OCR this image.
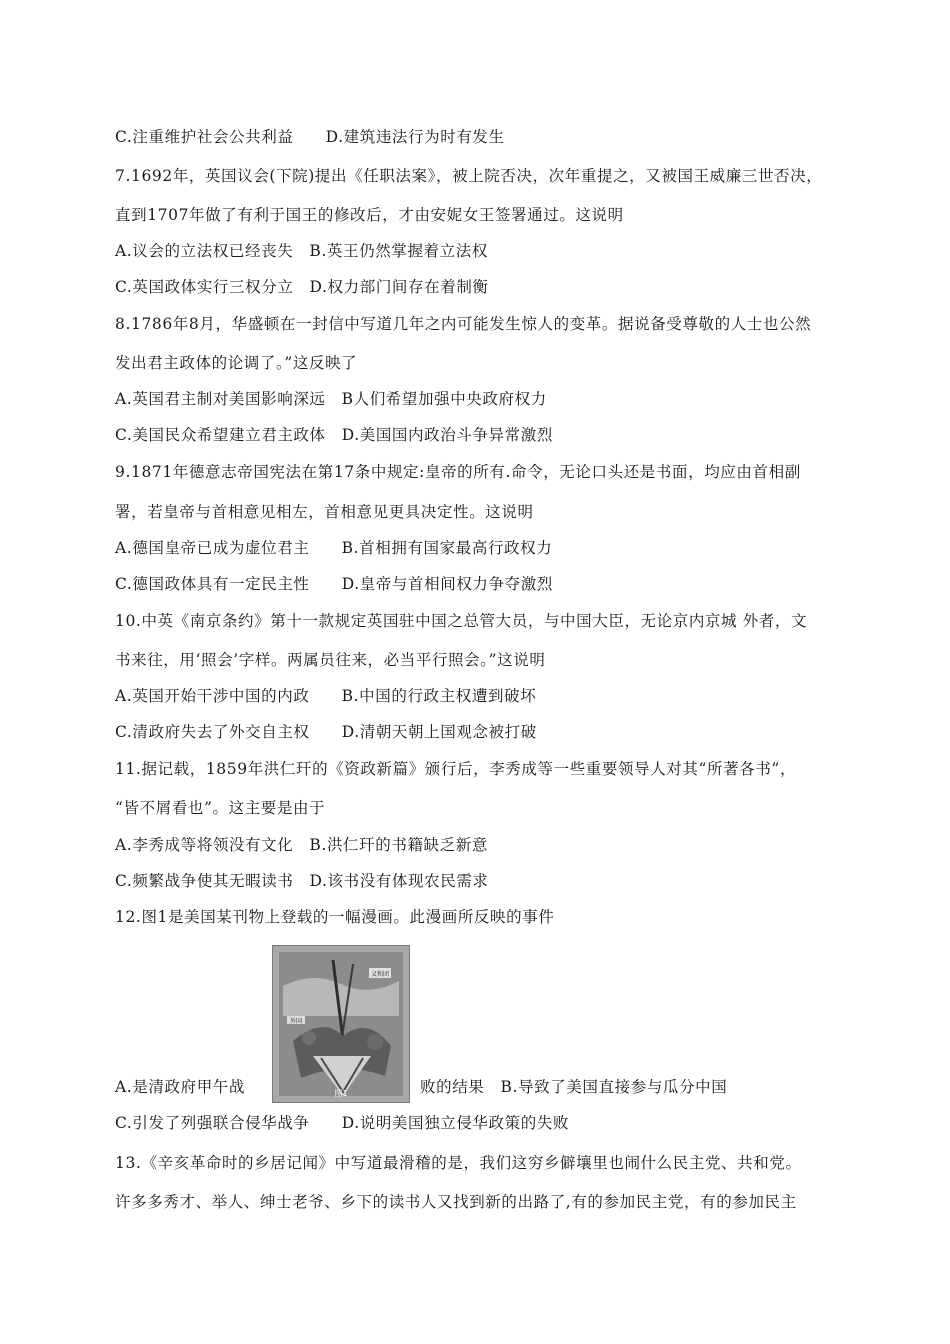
C.注重维护社会公共利益　　D.建筑违法行为时有发生
7.1692年，英国议会(下院)提出《任职法案》，被上院否决，次年重提之，又被国王威廉三世否决，
直到1707年做了有利于国王的修改后，才由安妮女王签署通过。这说明
A.议会的立法权已经丧失　B.英王仍然掌握着立法权
C.英国政体实行三权分立　D.权力部门间存在着制衡
8.1786年8月，华盛顿在一封信中写道几年之内可能发生惊人的变革。据说备受尊敬的人士也公然
发出君主政体的论调了。”这反映了
A.英国君主制对美国影响深远　B人们希望加强中央政府权力
C.美国民众希望建立君主政体　D.美国国内政治斗争异常激烈
9.1871年德意志帝国宪法在第17条中规定:皇帝的所有.命令，无论口头还是书面，均应由首相副
署，若皇帝与首相意见相左，首相意见更具决定性。这说明
A.德国皇帝已成为虚位君主　　B.首相拥有国家最高行政权力
C.德国政体具有一定民主性　　D.皇帝与首相间权力争夺激烈
10.中英《南京条约》第十一款规定英国驻中国之总管大员，与中国大臣，无论京内京城 外者，文
书来往，用‘照会’字样。两属员往来，必当平行照会。”这说明
A.英国开始干涉中国的内政　　B.中国的行政主权遭到破坏
C.清政府失去了外交自主权　　D.清朝天朝上国观念被打破
11.据记载，1859年洪仁玕的《资政新篇》颁行后，李秀成等一些重要领导人对其“所著各书”，
“皆不屑看也”。这主要是由于
A.李秀成等将领没有文化　B.洪仁玕的书籍缺乏新意
C.频繁战争使其无暇读书　D.该书没有体现农民需求
12.图1是美国某刊物上登载的一幅漫画。此漫画所反映的事件
外国
义和团
图1
A.是清政府甲午战	败的结果　B.导致了美国直接参与瓜分中国
C.引发了列强联合侵华战争　　D.说明美国独立侵华政策的失败
13.《辛亥革命时的乡居记闻》中写道最滑稽的是，我们这穷乡僻壤里也闹什么民主党、共和党。
许多多秀才、举人、绅士老爷、乡下的读书人又找到新的出路了,有的参加民主党，有的参加民主
